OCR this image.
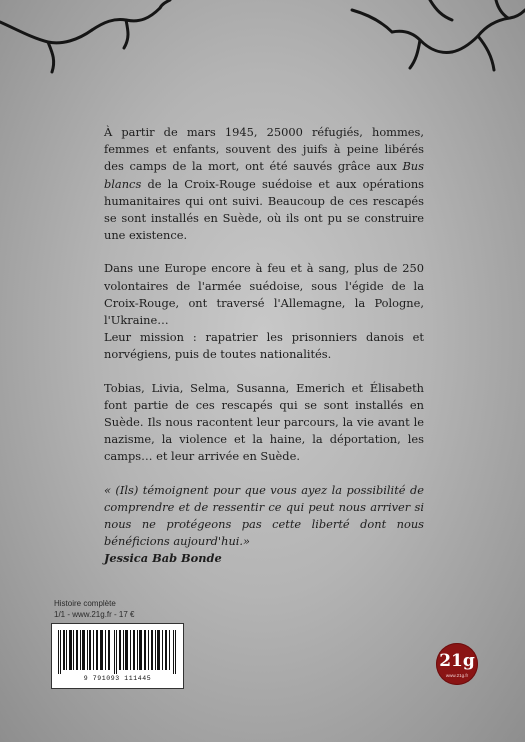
À partir de mars 1945, 25000 réfugiés, hommes, femmes et enfants, souvent des juifs à peine libérés des camps de la mort, ont été sauvés grâce aux Bus blancs de la Croix-Rouge suédoise et aux opérations humanitaires qui ont suivi. Beaucoup de ces rescapés se sont installés en Suède, où ils ont pu se construire une existence.

Dans une Europe encore à feu et à sang, plus de 250 volontaires de l'armée suédoise, sous l'égide de la Croix-Rouge, ont traversé l'Allemagne, la Pologne, l'Ukraine…
Leur mission : rapatrier les prisonniers danois et norvégiens, puis de toutes nationalités.

Tobias, Livia, Selma, Susanna, Emerich et Élisabeth font partie de ces rescapés qui se sont installés en Suède. Ils nous racontent leur parcours, la vie avant le nazisme, la violence et la haine, la déportation, les camps… et leur arrivée en Suède.

« (Ils) témoignent pour que vous ayez la possibilité de comprendre et de ressentir ce qui peut nous arriver si nous ne protégeons pas cette liberté dont nous bénéficions aujourd'hui.»

Jessica Bab Bonde
Histoire complète
1/1 - www.21g.fr - 17 €
9 791093 111445
21g
www.21g.fr
